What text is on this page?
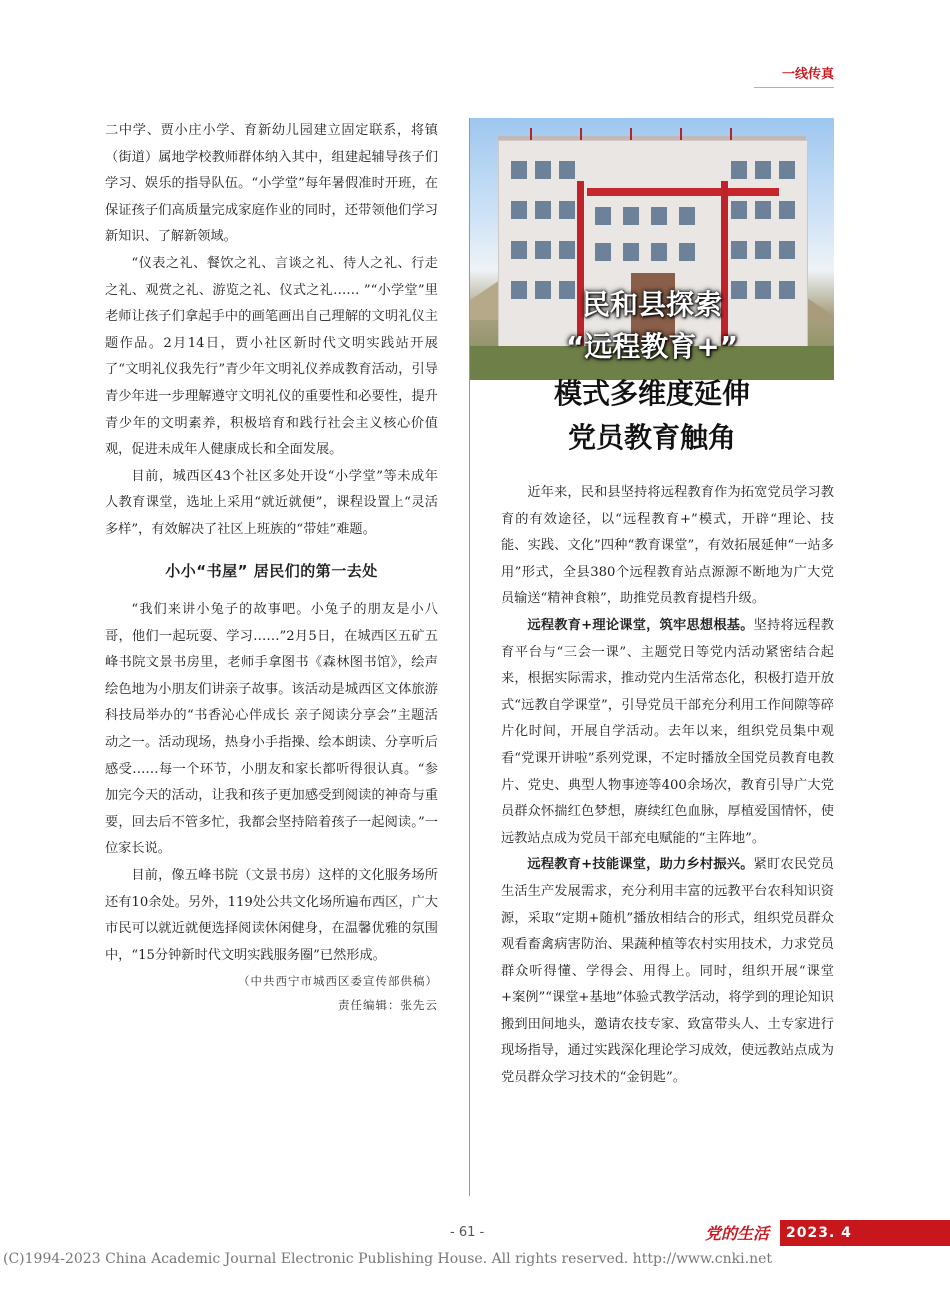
一线传真

二中学、贾小庄小学、育新幼儿园建立固定联系，将镇（街道）属地学校教师群体纳入其中，组建起辅导孩子们学习、娱乐的指导队伍。“小学堂”每年暑假准时开班，在保证孩子们高质量完成家庭作业的同时，还带领他们学习新知识、了解新领域。

“仪表之礼、餐饮之礼、言谈之礼、待人之礼、行走之礼、观赏之礼、游览之礼、仪式之礼…… ”“小学堂”里老师让孩子们拿起手中的画笔画出自己理解的文明礼仪主题作品。2月14日，贾小社区新时代文明实践站开展了“文明礼仪我先行”青少年文明礼仪养成教育活动，引导青少年进一步理解遵守文明礼仪的重要性和必要性，提升青少年的文明素养，积极培育和践行社会主义核心价值观，促进未成年人健康成长和全面发展。

目前，城西区43个社区多处开设“小学堂”等未成年人教育课堂，选址上采用“就近就便”，课程设置上“灵活多样”，有效解决了社区上班族的“带娃”难题。

小小“书屋” 居民们的第一去处

“我们来讲小兔子的故事吧。小兔子的朋友是小八哥，他们一起玩耍、学习……”2月5日，在城西区五矿五峰书院文景书房里，老师手拿图书《森林图书馆》，绘声绘色地为小朋友们讲亲子故事。该活动是城西区文体旅游科技局举办的“书香沁心伴成长 亲子阅读分享会”主题活动之一。活动现场，热身小手指操、绘本朗读、分享听后感受……每一个环节，小朋友和家长都听得很认真。“参加完今天的活动，让我和孩子更加感受到阅读的神奇与重要，回去后不管多忙，我都会坚持陪着孩子一起阅读。”一位家长说。

目前，像五峰书院（文景书房）这样的文化服务场所还有10余处。另外，119处公共文化场所遍布西区，广大市民可以就近就便选择阅读休闲健身，在温馨优雅的氛围中，“15分钟新时代文明实践服务圈”已然形成。

（中共西宁市城西区委宣传部供稿）
责任编辑：张先云
民和县探索
“远程教育+”
模式多维度延伸
党员教育触角

近年来，民和县坚持将远程教育作为拓宽党员学习教育的有效途径，以“远程教育+”模式，开辟“理论、技能、实践、文化”四种“教育课堂”，有效拓展延伸“一站多用”形式，全县380个远程教育站点源源不断地为广大党员输送“精神食粮”，助推党员教育提档升级。

远程教育+理论课堂，筑牢思想根基。坚持将远程教育平台与“三会一课”、主题党日等党内活动紧密结合起来，根据实际需求，推动党内生活常态化，积极打造开放式“远教自学课堂”，引导党员干部充分利用工作间隙等碎片化时间，开展自学活动。去年以来，组织党员集中观看“党课开讲啦”系列党课，不定时播放全国党员教育电教片、党史、典型人物事迹等400余场次，教育引导广大党员群众怀揣红色梦想，赓续红色血脉，厚植爱国情怀，使远教站点成为党员干部充电赋能的“主阵地”。

远程教育+技能课堂，助力乡村振兴。紧盯农民党员生活生产发展需求，充分利用丰富的远教平台农科知识资源，采取“定期+随机”播放相结合的形式，组织党员群众观看畜禽病害防治、果蔬种植等农村实用技术，力求党员群众听得懂、学得会、用得上。同时，组织开展“课堂+案例”“课堂+基地”体验式教学活动，将学到的理论知识搬到田间地头，邀请农技专家、致富带头人、土专家进行现场指导，通过实践深化理论学习成效，使远教站点成为党员群众学习技术的“金钥匙”。

- 61 -	党的生活	2023. 4
(C)1994-2023 China Academic Journal Electronic Publishing House. All rights reserved. http://www.cnki.net
